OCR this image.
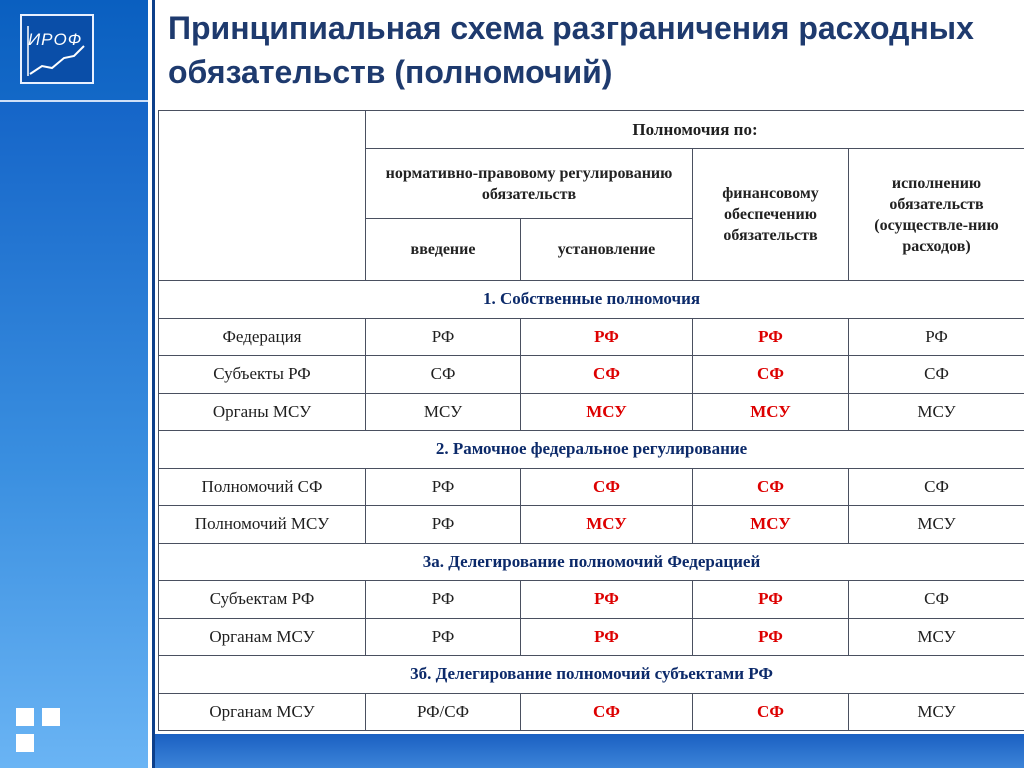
ИРОФ	Принципиальная схема разграничения расходных обязательств (полномочий)
	Полномочия по:			
	нормативно-правовому регулированию обязательств		финансовому обеспечению обязательств	исполнению обязательств (осуществле-нию расходов)
	введение	установление		
1. Собственные полномочия				
Федерация	РФ	РФ	РФ	РФ
Субъекты РФ	СФ	СФ	СФ	СФ
Органы МСУ	МСУ	МСУ	МСУ	МСУ
2. Рамочное федеральное регулирование				
Полномочий СФ	РФ	СФ	СФ	СФ
Полномочий МСУ	РФ	МСУ	МСУ	МСУ
3а. Делегирование полномочий Федерацией				
Субъектам РФ	РФ	РФ	РФ	СФ
Органам МСУ	РФ	РФ	РФ	МСУ
3б. Делегирование полномочий субъектами РФ				
Органам МСУ	РФ/СФ	СФ	СФ	МСУ
